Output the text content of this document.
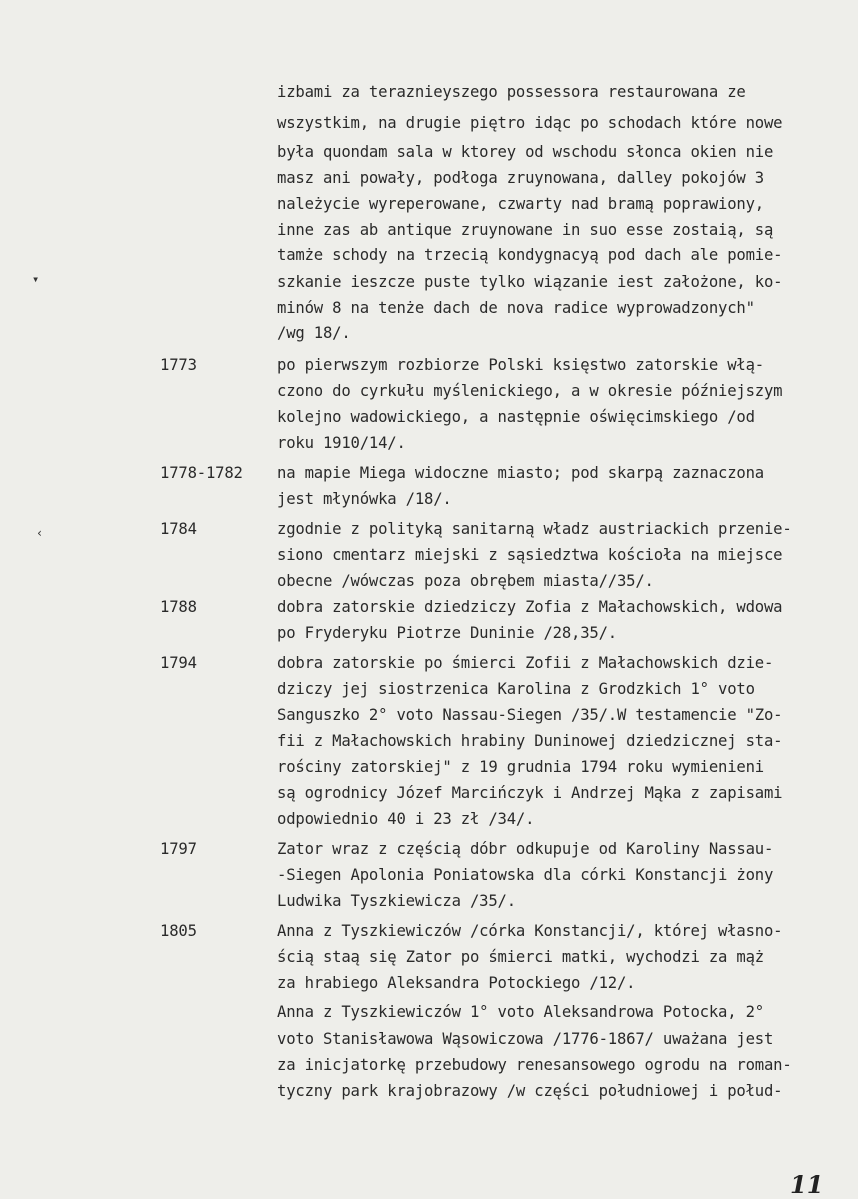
▾
‹
11
izbami za teraznieyszego possessora restaurowana ze
wszystkim, na drugie piętro idąc po schodach które nowe
była quondam sala w ktorey od wschodu słonca okien nie
masz ani powały, podłoga zruynowana, dalley pokojów 3
należycie wyreperowane, czwarty nad bramą poprawiony,
inne zas ab antique zruynowane in suo esse zostaią, są
tamże schody na trzecią kondygnacyą pod dach ale pomie-
szkanie ieszcze puste tylko wiązanie iest założone, ko-
minów 8 na tenże dach de nova radice wyprowadzonych"
/wg 18/.
1773	po pierwszym rozbiorze Polski księstwo zatorskie włą-
czono do cyrkułu myślenickiego, a w okresie późniejszym
kolejno wadowickiego, a następnie oświęcimskiego /od
roku 1910/14/.
1778-1782 na mapie Miega widoczne miasto; pod skarpą zaznaczona
jest młynówka /18/.
1784	zgodnie z polityką sanitarną władz austriackich przenie-
siono cmentarz miejski z sąsiedztwa kościoła na miejsce
obecne /wówczas poza obrębem miasta//35/.
1788	dobra zatorskie dziedziczy Zofia z Małachowskich, wdowa
po Fryderyku Piotrze Duninie /28,35/.
1794	dobra zatorskie po śmierci Zofii z Małachowskich dzie-
dziczy jej siostrzenica Karolina z Grodzkich 1° voto
Sanguszko 2° voto Nassau-Siegen /35/.W testamencie "Zo-
fii z Małachowskich hrabiny Duninowej dziedzicznej sta-
rościny zatorskiej" z 19 grudnia 1794 roku wymienieni
są ogrodnicy Józef Marcińczyk i Andrzej Mąka z zapisami
odpowiednio 40 i 23 zł /34/.
1797	Zator wraz z częścią dóbr odkupuje od Karoliny Nassau-
-Siegen Apolonia Poniatowska dla córki Konstancji żony
Ludwika Tyszkiewicza /35/.
1805	Anna z Tyszkiewiczów /córka Konstancji/, której własno-
ścią staą się Zator po śmierci matki, wychodzi za mąż
za hrabiego Aleksandra Potockiego /12/.
Anna z Tyszkiewiczów 1° voto Aleksandrowa Potocka, 2°
voto Stanisławowa Wąsowiczowa /1776-1867/ uważana jest
za inicjatorkę przebudowy renesansowego ogrodu na roman-
tyczny park krajobrazowy /w części południowej i połud-
